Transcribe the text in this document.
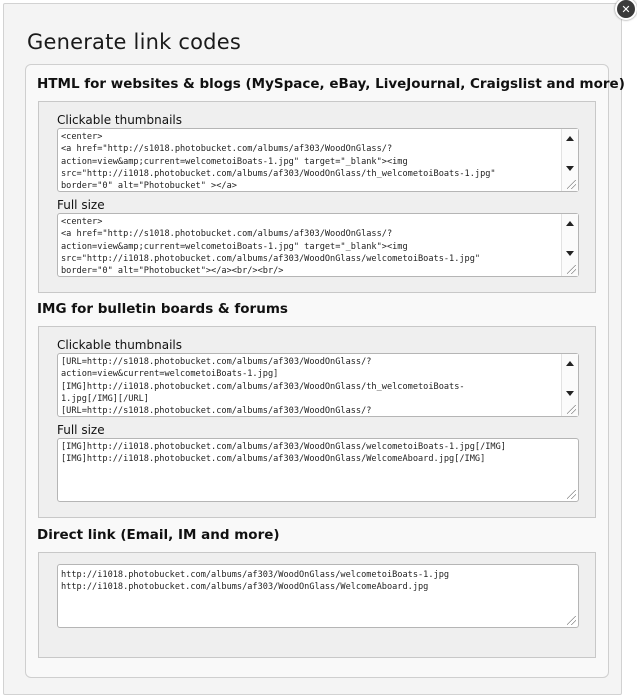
✕
Generate link codes
HTML for websites & blogs (MySpace, eBay, LiveJournal, Craigslist and more)
Clickable thumbnails
<center>
<a href="http://s1018.photobucket.com/albums/af303/WoodOnGlass/?
action=view&amp;current=welcometoiBoats-1.jpg" target="_blank"><img
src="http://i1018.photobucket.com/albums/af303/WoodOnGlass/th_welcometoiBoats-1.jpg"
border="0" alt="Photobucket" ></a>
Full size
<center>
<a href="http://s1018.photobucket.com/albums/af303/WoodOnGlass/?
action=view&amp;current=welcometoiBoats-1.jpg" target="_blank"><img
src="http://i1018.photobucket.com/albums/af303/WoodOnGlass/welcometoiBoats-1.jpg"
border="0" alt="Photobucket"></a><br/><br/>
IMG for bulletin boards & forums
Clickable thumbnails
[URL=http://s1018.photobucket.com/albums/af303/WoodOnGlass/?
action=view&current=welcometoiBoats-1.jpg]
[IMG]http://i1018.photobucket.com/albums/af303/WoodOnGlass/th_welcometoiBoats-
1.jpg[/IMG][/URL]
[URL=http://s1018.photobucket.com/albums/af303/WoodOnGlass/?
Full size
[IMG]http://i1018.photobucket.com/albums/af303/WoodOnGlass/welcometoiBoats-1.jpg[/IMG]
[IMG]http://i1018.photobucket.com/albums/af303/WoodOnGlass/WelcomeAboard.jpg[/IMG]
Direct link (Email, IM and more)
http://i1018.photobucket.com/albums/af303/WoodOnGlass/welcometoiBoats-1.jpg
http://i1018.photobucket.com/albums/af303/WoodOnGlass/WelcomeAboard.jpg
